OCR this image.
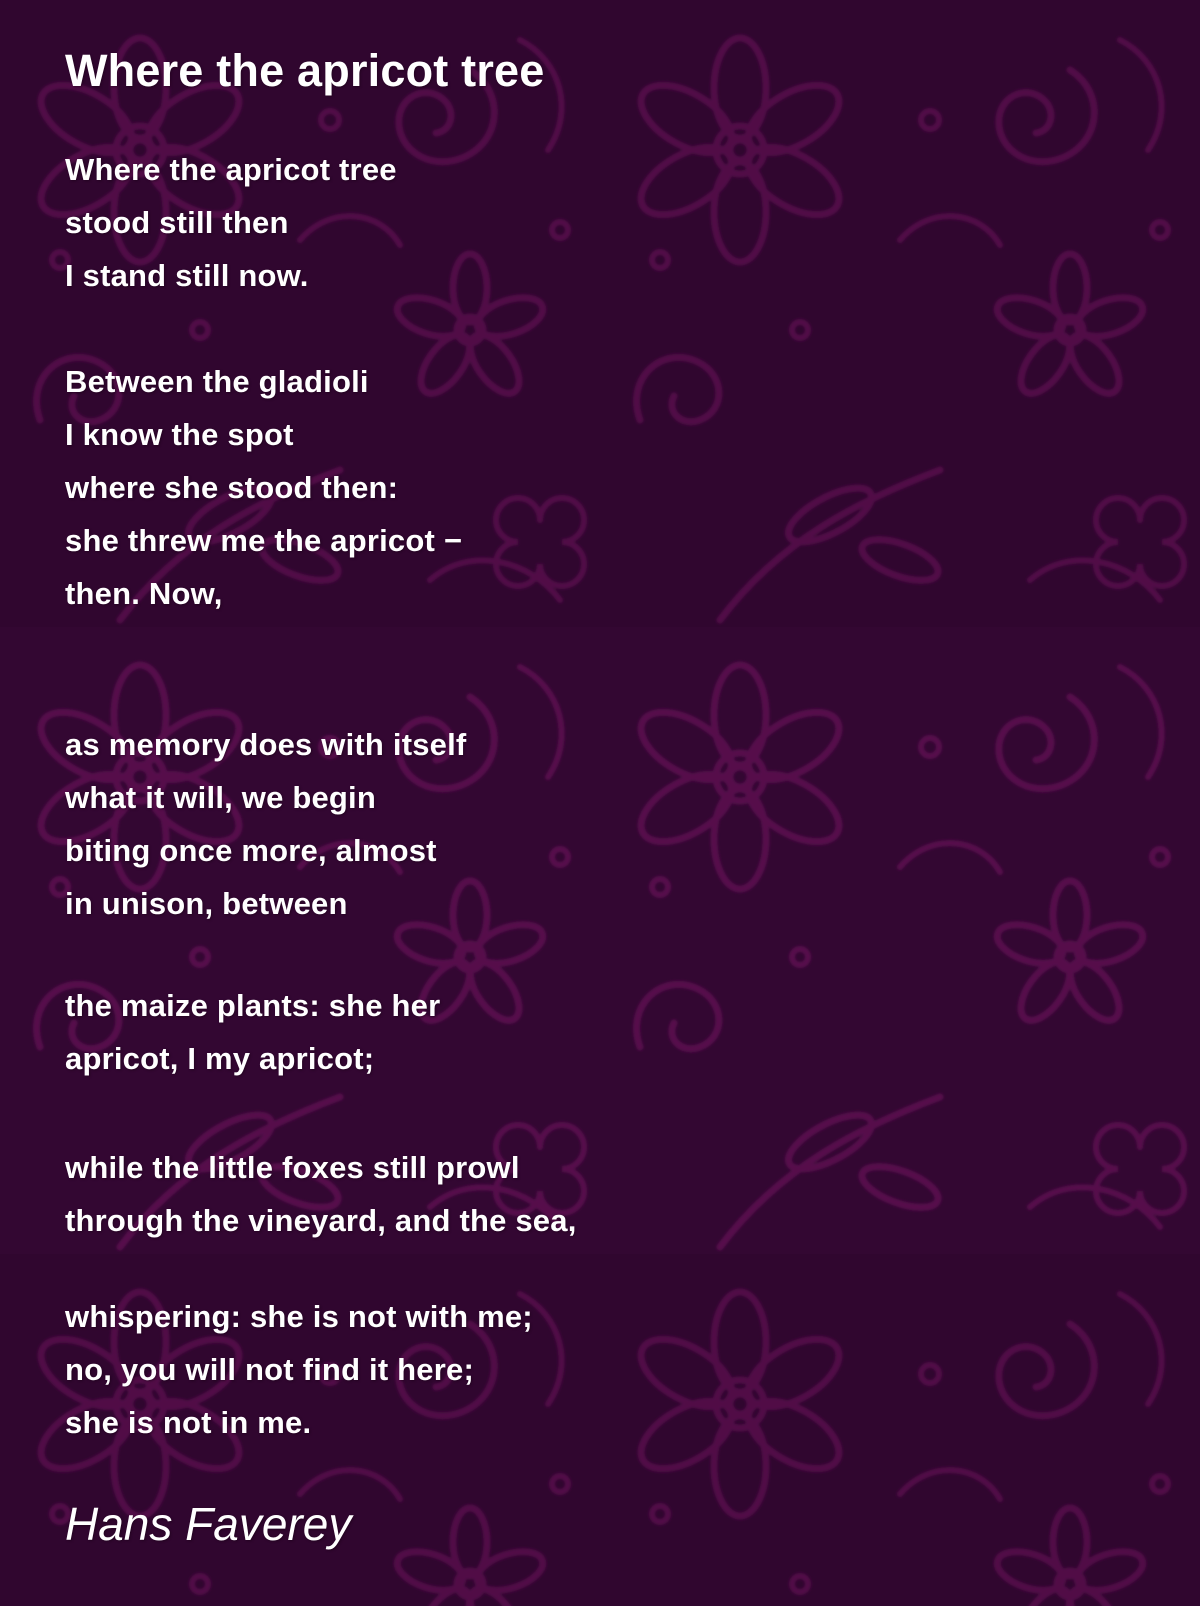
Where the apricot tree
Where the apricot tree
stood still then
I stand still now.
Between the gladioli
I know the spot
where she stood then:
she threw me the apricot −
then. Now,
as memory does with itself
what it will, we begin
biting once more, almost
in unison, between
the maize plants: she her
apricot, I my apricot;
while the little foxes still prowl
through the vineyard, and the sea,
whispering: she is not with me;
no, you will not find it here;
she is not in me.
Hans Faverey
